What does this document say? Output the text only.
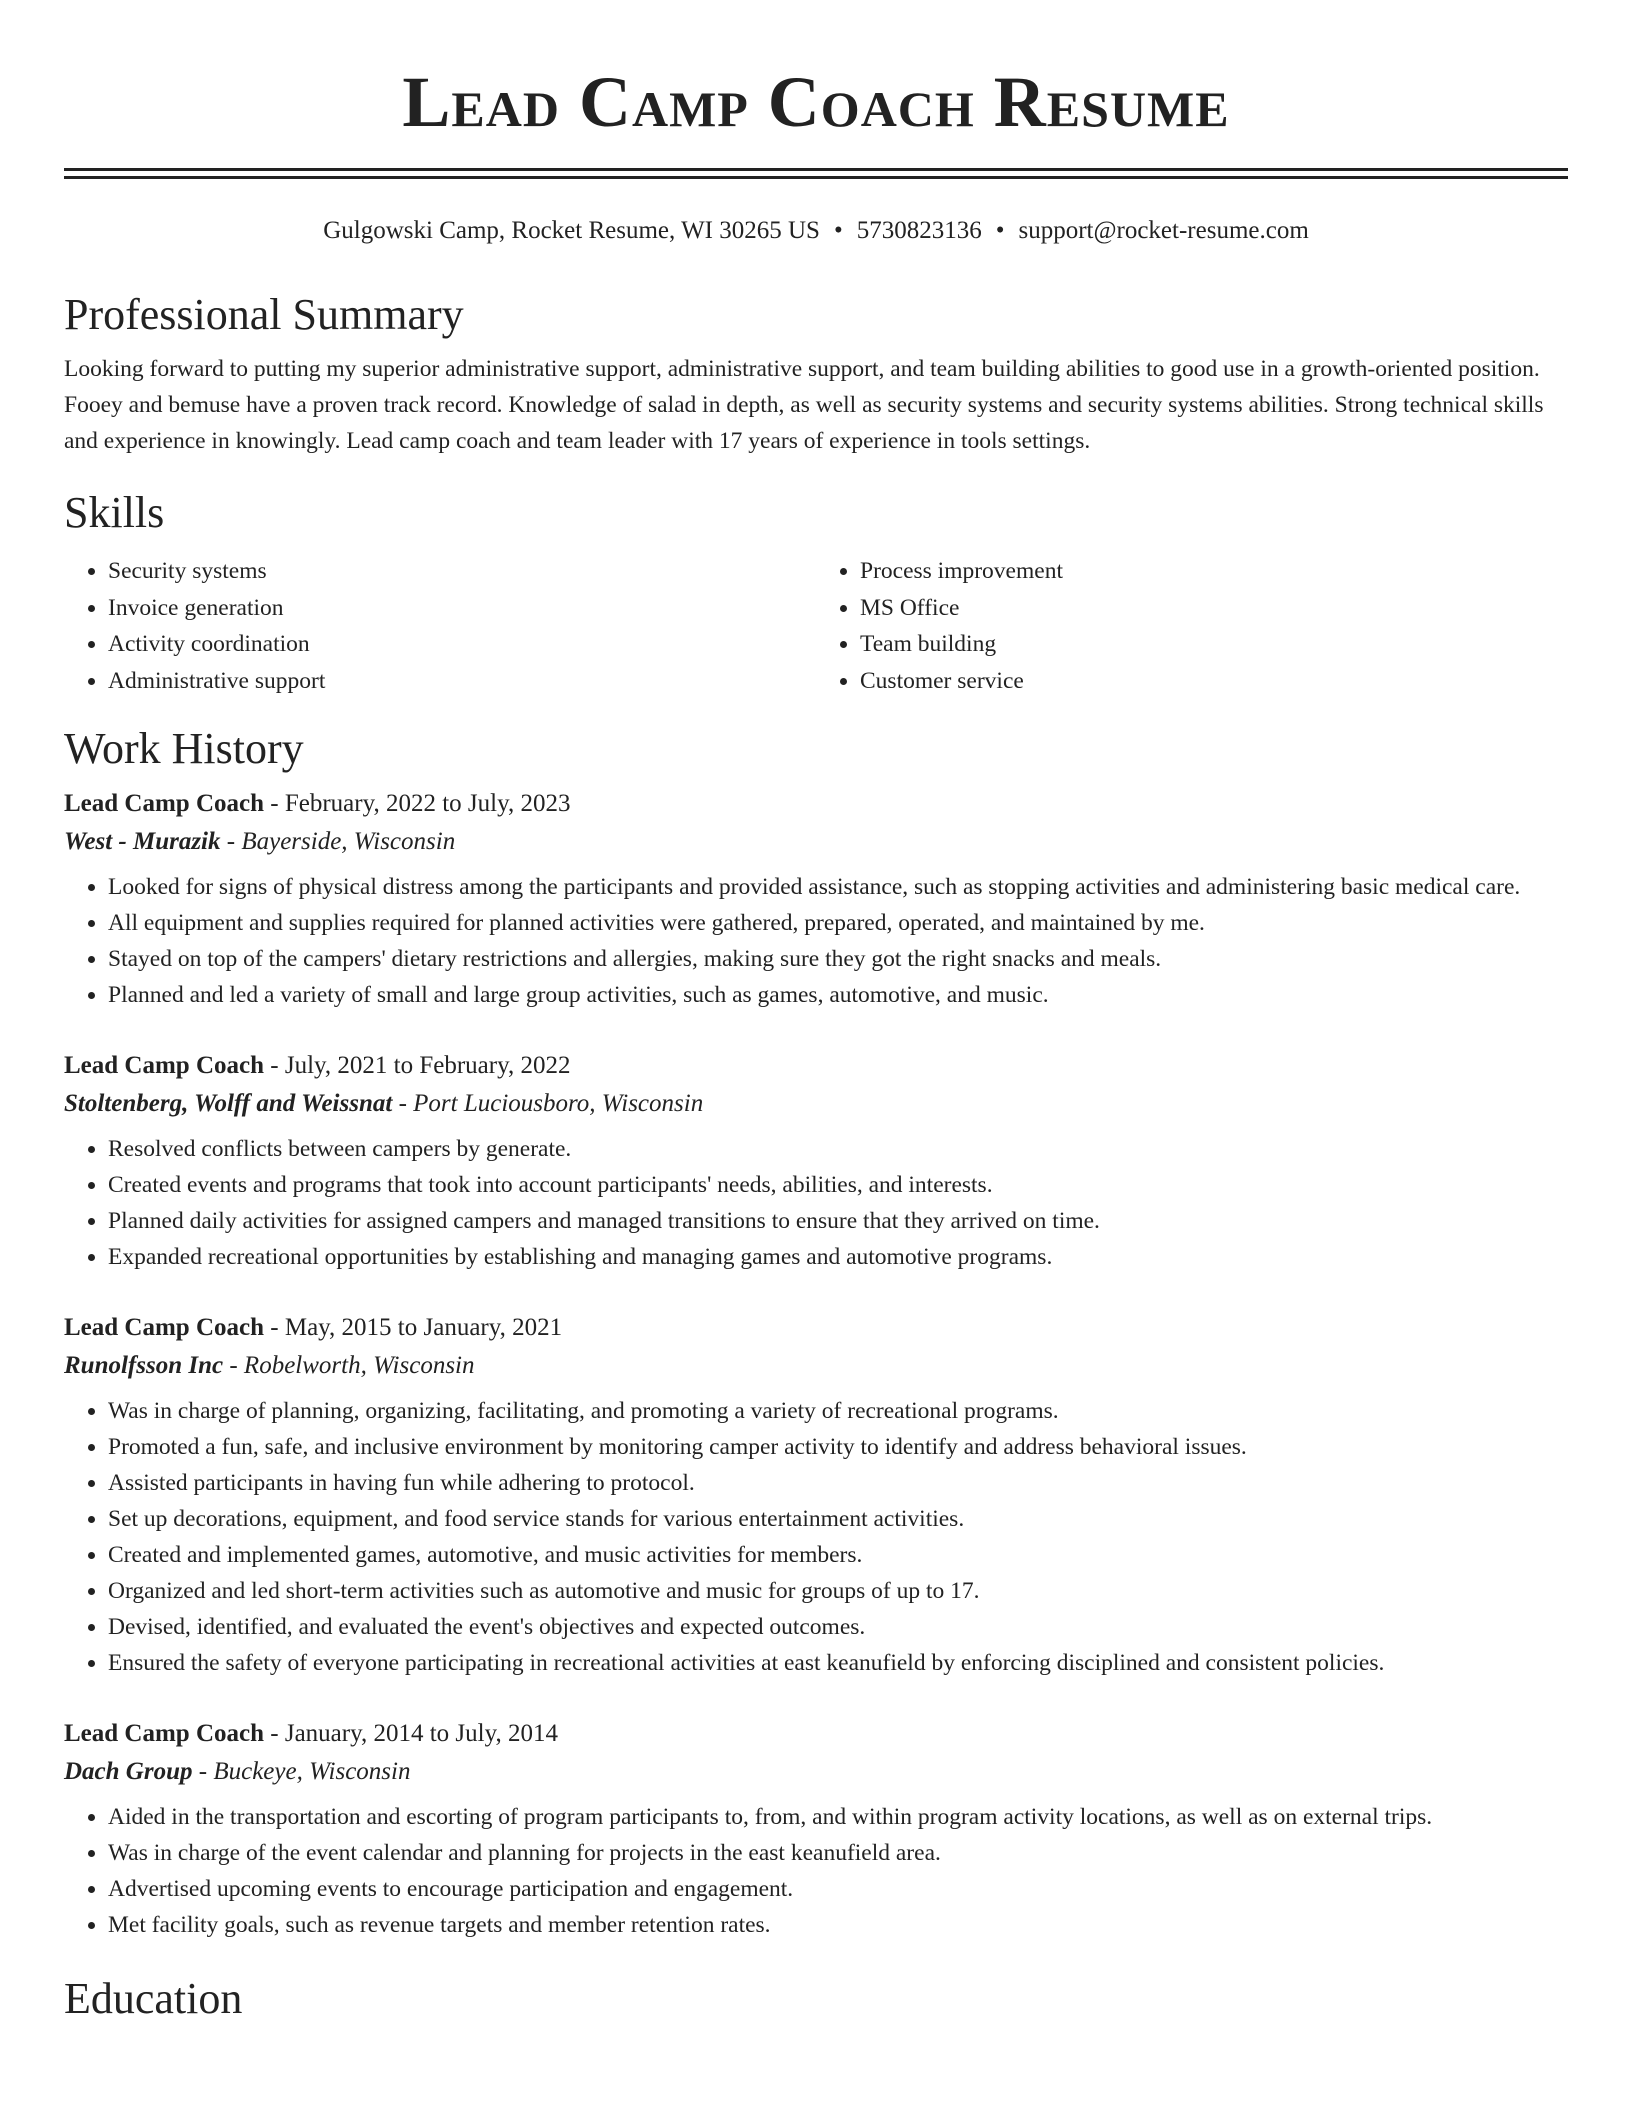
Lead Camp Coach Resume
Gulgowski Camp, Rocket Resume, WI 30265 US • 5730823136 • support@rocket-resume.com
Professional Summary

Looking forward to putting my superior administrative support, administrative support, and team building abilities to good use in a growth-oriented position. Fooey and bemuse have a proven track record. Knowledge of salad in depth, as well as security systems and security systems abilities. Strong technical skills and experience in knowingly. Lead camp coach and team leader with 17 years of experience in tools settings.

Skills
• Security systems
• Invoice generation
• Activity coordination
• Administrative support
• Process improvement
• MS Office
• Team building
• Customer service
Work History
Lead Camp Coach - February, 2022 to July, 2023
West - Murazik - Bayerside, Wisconsin
• Looked for signs of physical distress among the participants and provided assistance, such as stopping activities and administering basic medical care.
• All equipment and supplies required for planned activities were gathered, prepared, operated, and maintained by me.
• Stayed on top of the campers' dietary restrictions and allergies, making sure they got the right snacks and meals.
• Planned and led a variety of small and large group activities, such as games, automotive, and music.
Lead Camp Coach - July, 2021 to February, 2022
Stoltenberg, Wolff and Weissnat - Port Luciousboro, Wisconsin
• Resolved conflicts between campers by generate.
• Created events and programs that took into account participants' needs, abilities, and interests.
• Planned daily activities for assigned campers and managed transitions to ensure that they arrived on time.
• Expanded recreational opportunities by establishing and managing games and automotive programs.
Lead Camp Coach - May, 2015 to January, 2021
Runolfsson Inc - Robelworth, Wisconsin
• Was in charge of planning, organizing, facilitating, and promoting a variety of recreational programs.
• Promoted a fun, safe, and inclusive environment by monitoring camper activity to identify and address behavioral issues.
• Assisted participants in having fun while adhering to protocol.
• Set up decorations, equipment, and food service stands for various entertainment activities.
• Created and implemented games, automotive, and music activities for members.
• Organized and led short-term activities such as automotive and music for groups of up to 17.
• Devised, identified, and evaluated the event's objectives and expected outcomes.
• Ensured the safety of everyone participating in recreational activities at east keanufield by enforcing disciplined and consistent policies.
Lead Camp Coach - January, 2014 to July, 2014
Dach Group - Buckeye, Wisconsin
• Aided in the transportation and escorting of program participants to, from, and within program activity locations, as well as on external trips.
• Was in charge of the event calendar and planning for projects in the east keanufield area.
• Advertised upcoming events to encourage participation and engagement.
• Met facility goals, such as revenue targets and member retention rates.
Education
